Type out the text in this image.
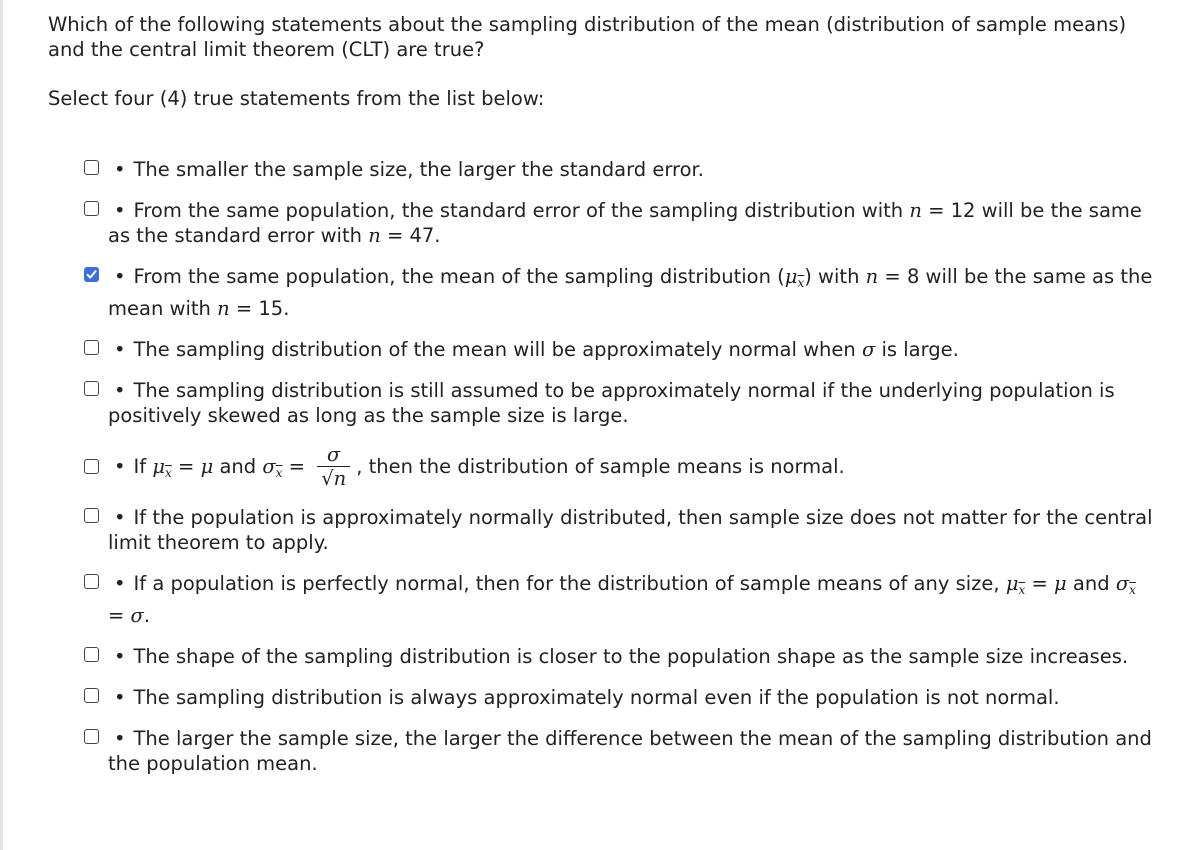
Which of the following statements about the sampling distribution of the mean (distribution of sample means) and the central limit theorem (CLT) are true?

Select four (4) true statements from the list below:

• The smaller the sample size, the larger the standard error.
• From the same population, the standard error of the sampling distribution with n = 12 will be the same as the standard error with n = 47.
• From the same population, the mean of the sampling distribution $(\mu_{\overline{x}})$ with n = 8 will be the same as the mean with n = 15.
• The sampling distribution of the mean will be approximately normal when σ is large.
• The sampling distribution is still assumed to be approximately normal if the underlying population is positively skewed as long as the sample size is large.
• If $\mu_{\overline{x}} = \mu$ and $\sigma_{\overline{x}} = \frac{\sigma}{√n}$ , then the distribution of sample means is normal.
• If the population is approximately normally distributed, then sample size does not matter for the central limit theorem to apply.
• If a population is perfectly normal, then for the distribution of sample means of any size, $\mu_{\overline{x}} = \mu$ and $\sigma_{\overline{x}} = \sigma$.
• The shape of the sampling distribution is closer to the population shape as the sample size increases.
• The sampling distribution is always approximately normal even if the population is not normal.
• The larger the sample size, the larger the difference between the mean of the sampling distribution and the population mean.
